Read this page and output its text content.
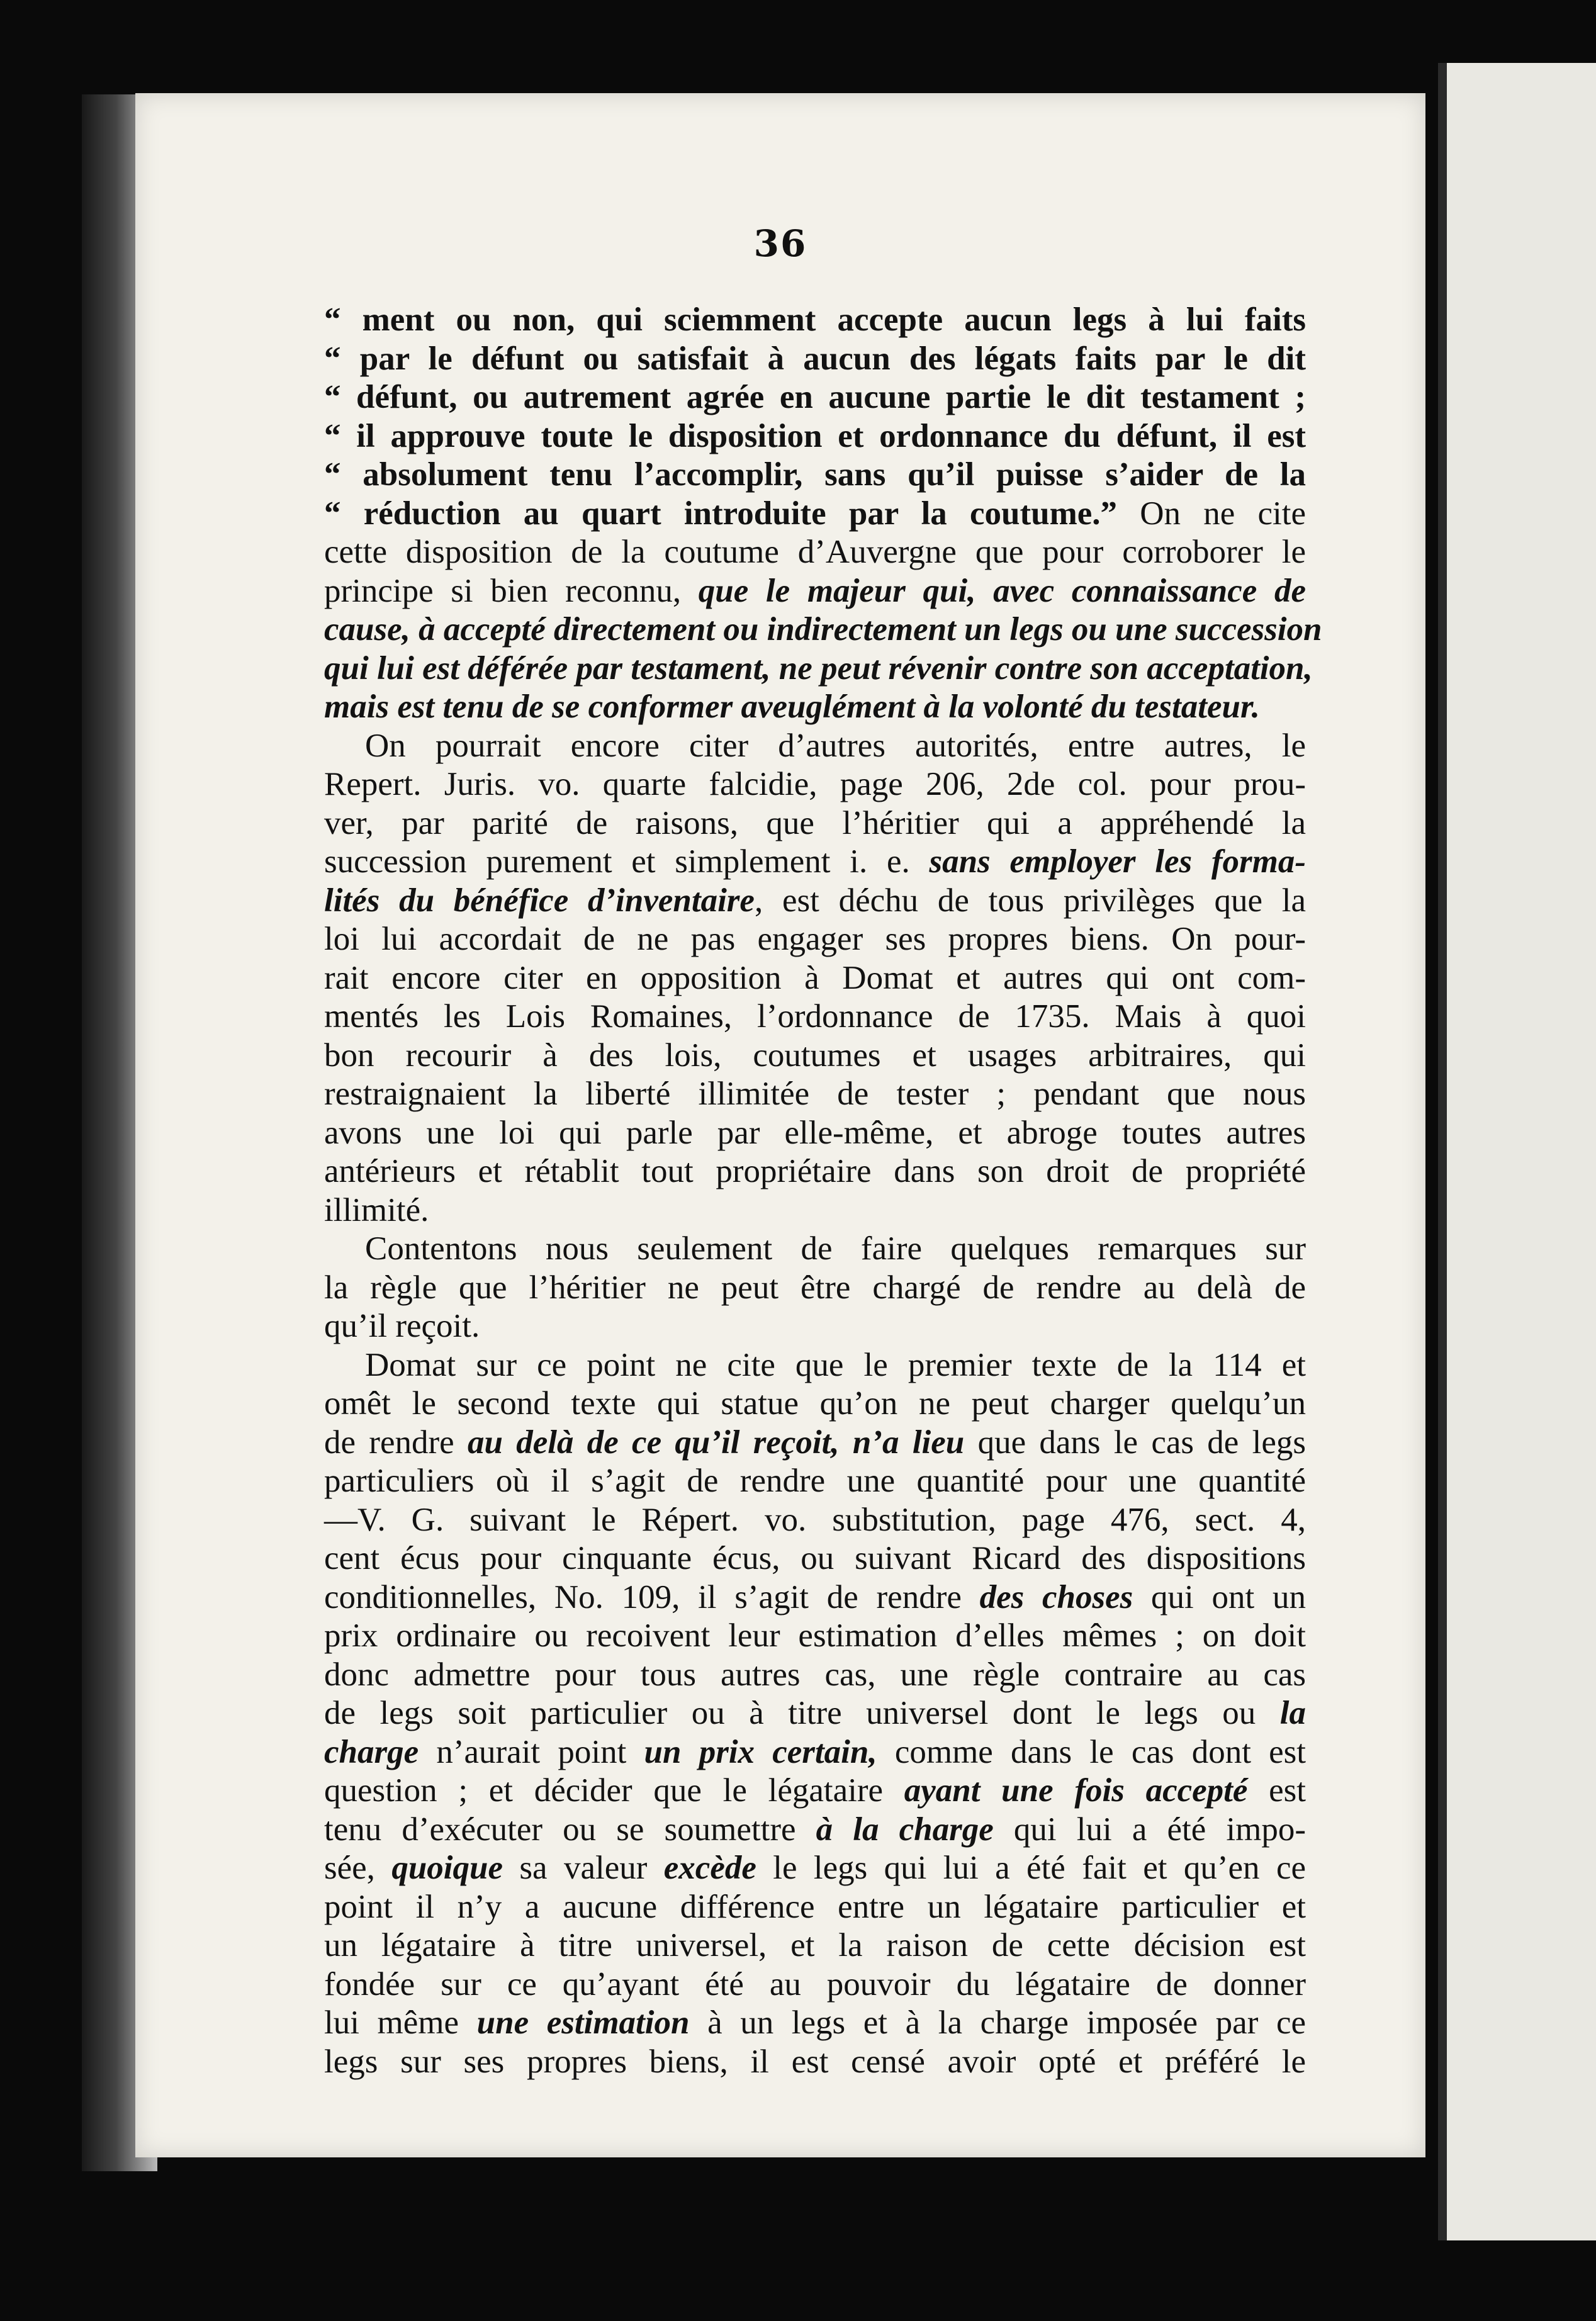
36
“ ment ou non, qui sciemment accepte aucun legs à lui faits
“ par le défunt ou satisfait à aucun des légats faits par le dit
“ défunt, ou autrement agrée en aucune partie le dit testament ;
“ il approuve toute le disposition et ordonnance du défunt, il est
“ absolument tenu l’accomplir, sans qu’il puisse s’aider de la
“ réduction au quart introduite par la coutume.” On ne cite
cette disposition de la coutume d’Auvergne que pour corroborer le
principe si bien reconnu, que le majeur qui, avec connaissance de
cause, à accepté directement ou indirectement un legs ou une succession
qui lui est déférée par testament, ne peut révenir contre son acceptation,
mais est tenu de se conformer aveuglément à la volonté du testateur.
On pourrait encore citer d’autres autorités, entre autres, le
Repert. Juris. vo. quarte falcidie, page 206, 2de col. pour prou-
ver, par parité de raisons, que l’héritier qui a appréhendé la
succession purement et simplement i. e. sans employer les forma-
lités du bénéfice d’inventaire, est déchu de tous privilèges que la
loi lui accordait de ne pas engager ses propres biens. On pour-
rait encore citer en opposition à Domat et autres qui ont com-
mentés les Lois Romaines, l’ordonnance de 1735. Mais à quoi
bon recourir à des lois, coutumes et usages arbitraires, qui
restraignaient la liberté illimitée de tester ; pendant que nous
avons une loi qui parle par elle-même, et abroge toutes autres
antérieurs et rétablit tout propriétaire dans son droit de propriété
illimité.
Contentons nous seulement de faire quelques remarques sur
la règle que l’héritier ne peut être chargé de rendre au delà de
qu’il reçoit.
Domat sur ce point ne cite que le premier texte de la 114 et
omêt le second texte qui statue qu’on ne peut charger quelqu’un
de rendre au delà de ce qu’il reçoit, n’a lieu que dans le cas de legs
particuliers où il s’agit de rendre une quantité pour une quantité
—V. G. suivant le Répert. vo. substitution, page 476, sect. 4,
cent écus pour cinquante écus, ou suivant Ricard des dispositions
conditionnelles, No. 109, il s’agit de rendre des choses qui ont un
prix ordinaire ou recoivent leur estimation d’elles mêmes ; on doit
donc admettre pour tous autres cas, une règle contraire au cas
de legs soit particulier ou à titre universel dont le legs ou la
charge n’aurait point un prix certain, comme dans le cas dont est
question ; et décider que le légataire ayant une fois accepté est
tenu d’exécuter ou se soumettre à la charge qui lui a été impo-
sée, quoique sa valeur excède le legs qui lui a été fait et qu’en ce
point il n’y a aucune différence entre un légataire particulier et
un légataire à titre universel, et la raison de cette décision est
fondée sur ce qu’ayant été au pouvoir du légataire de donner
lui même une estimation à un legs et à la charge imposée par ce
legs sur ses propres biens, il est censé avoir opté et préféré le
